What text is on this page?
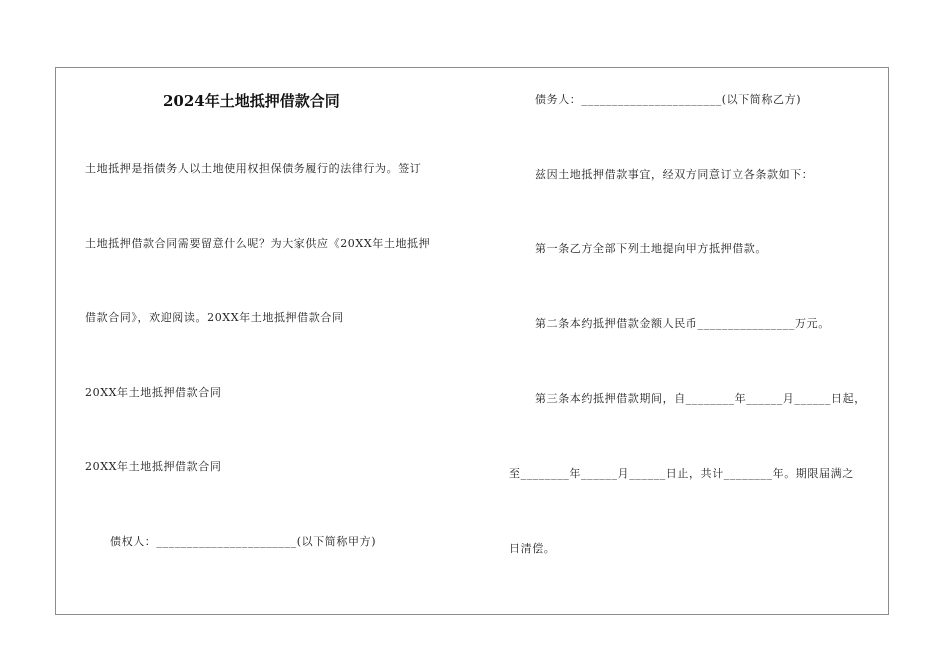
2024年土地抵押借款合同
土地抵押是指债务人以土地使用权担保债务履行的法律行为。签订
土地抵押借款合同需要留意什么呢？为大家供应《20XX年土地抵押
借款合同》，欢迎阅读。20XX年土地抵押借款合同
20XX年土地抵押借款合同
20XX年土地抵押借款合同
债权人：_______________________(以下简称甲方)
债务人：_______________________(以下简称乙方)
兹因土地抵押借款事宜，经双方同意订立各条款如下：
第一条乙方全部下列土地提向甲方抵押借款。
第二条本约抵押借款金额人民币________________万元。
第三条本约抵押借款期间，自________年______月______日起，
至________年______月______日止，共计________年。期限届满之
日清偿。
